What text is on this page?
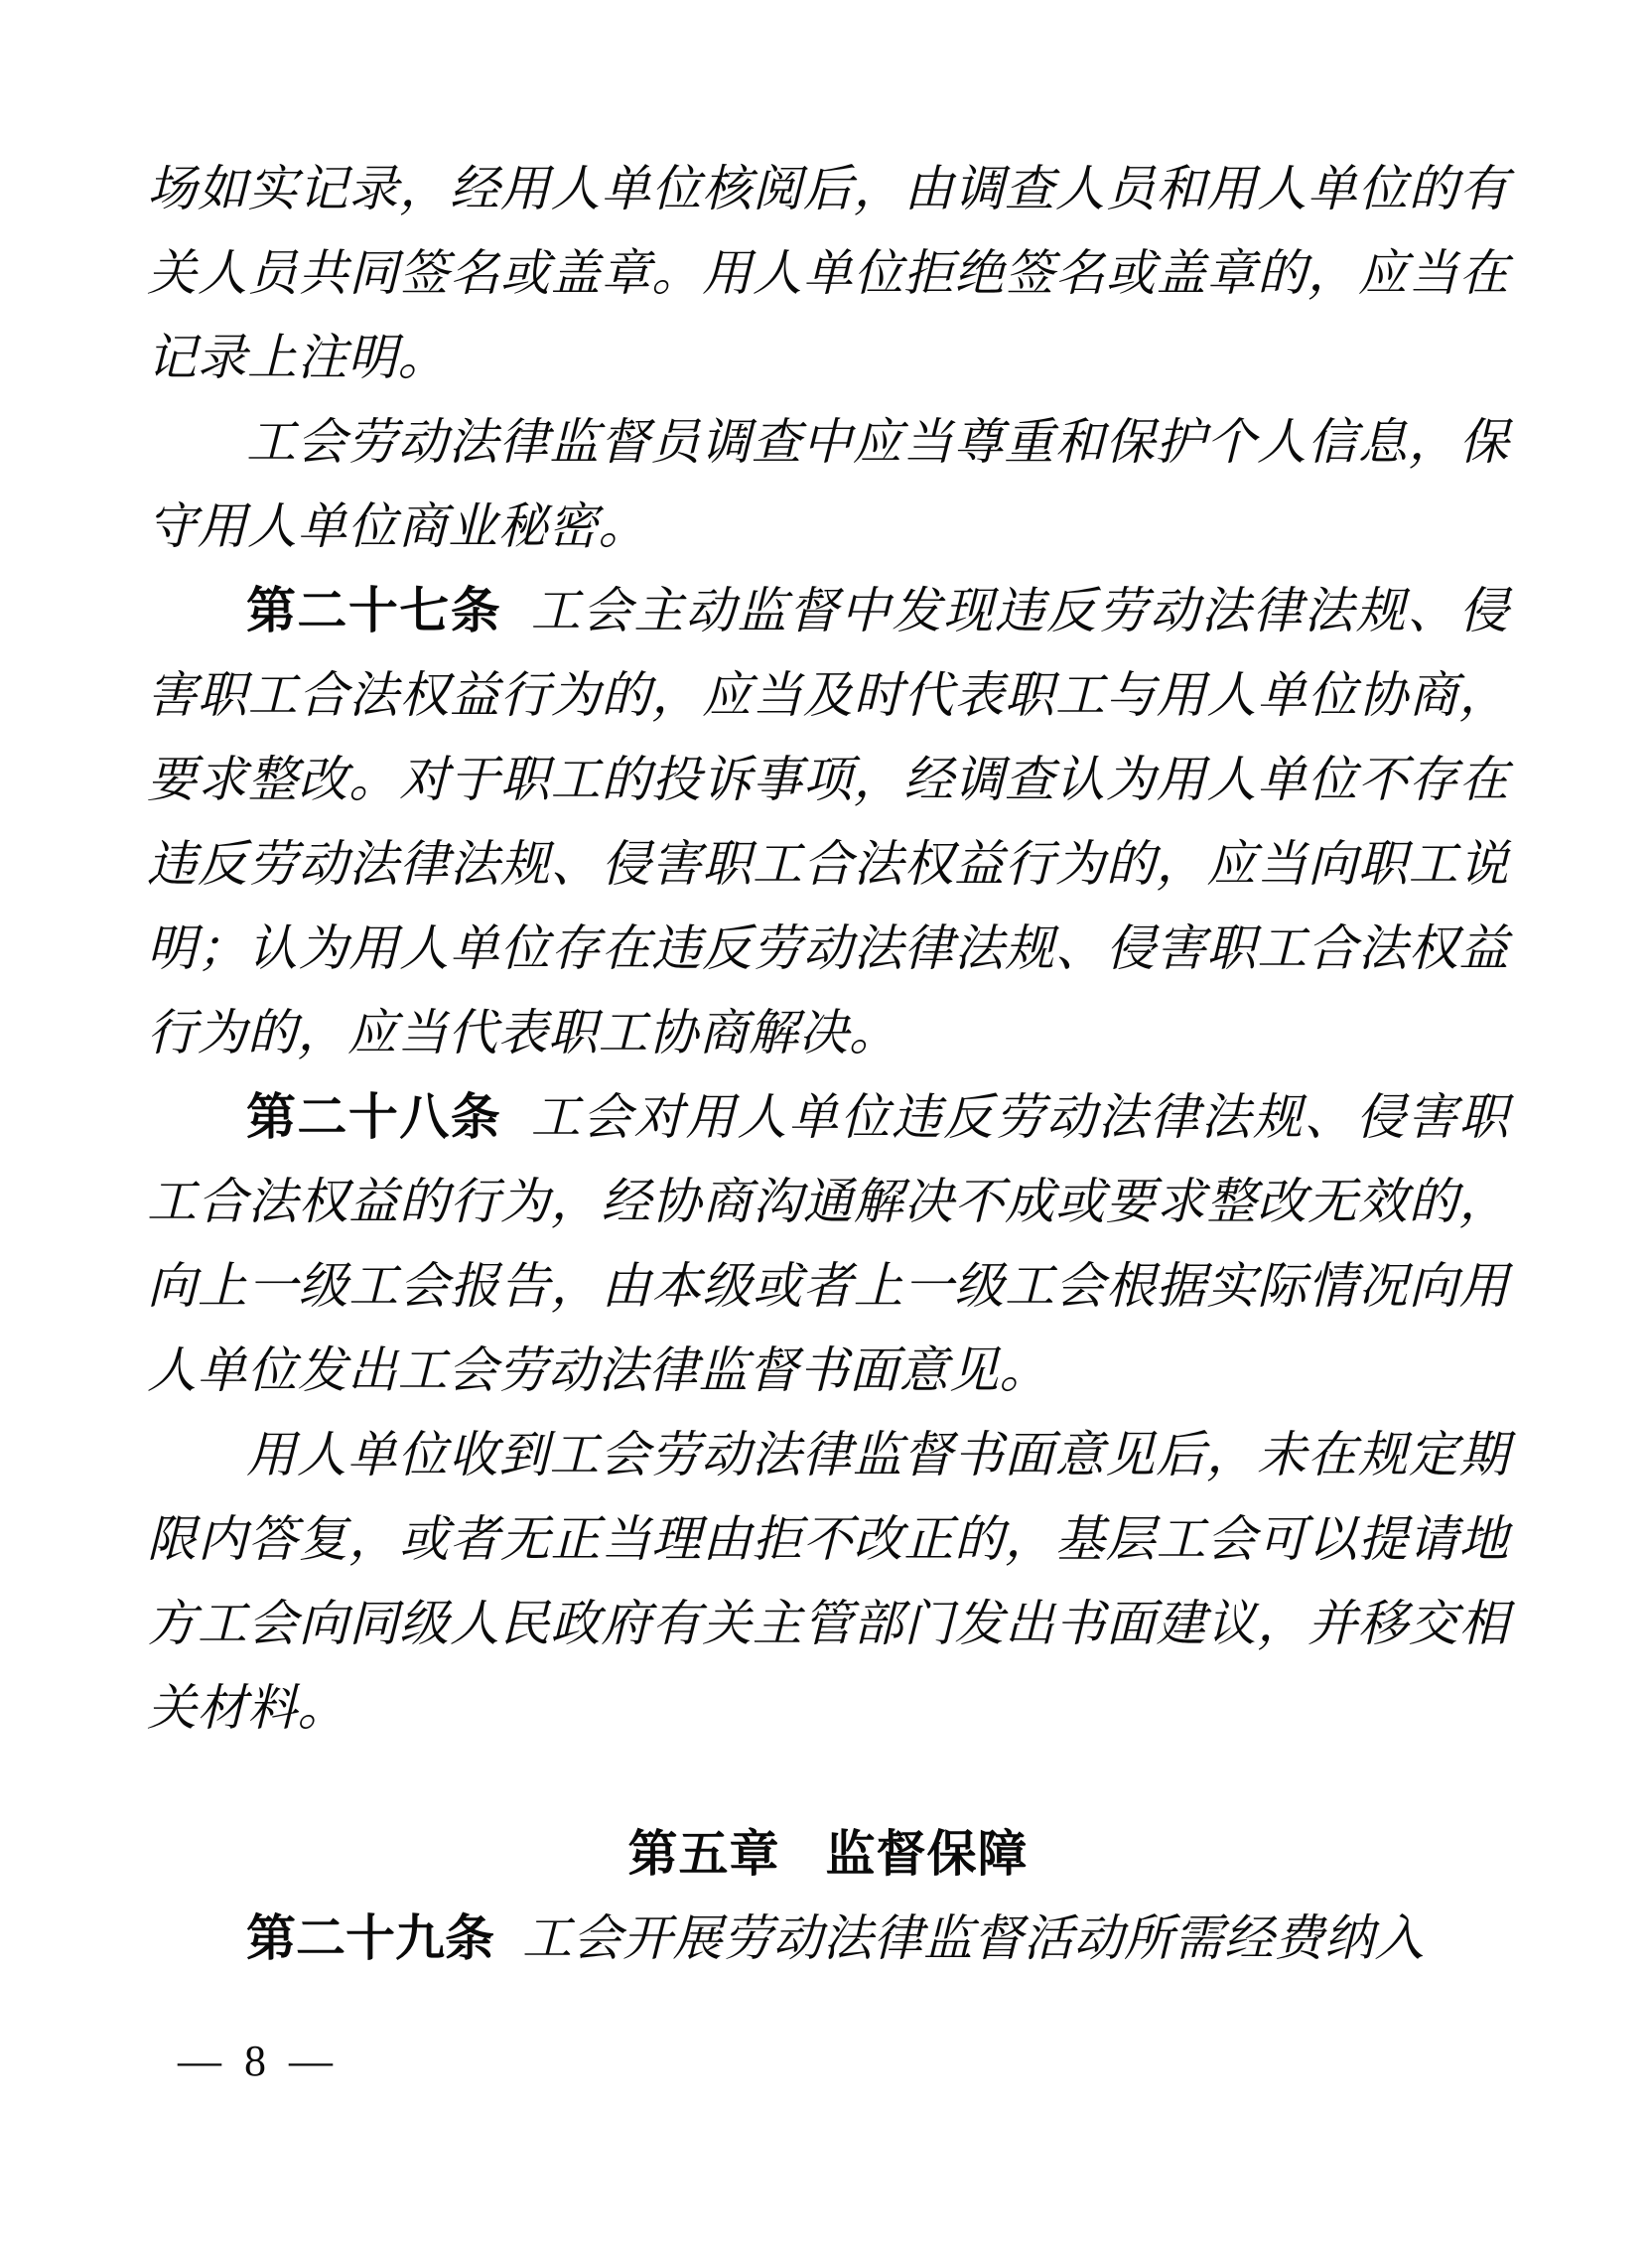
场如实记录，经用人单位核阅后，由调查人员和用人单位的有关人员共同签名或盖章。用人单位拒绝签名或盖章的，应当在记录上注明。

工会劳动法律监督员调查中应当尊重和保护个人信息，保守用人单位商业秘密。

第二十七条 工会主动监督中发现违反劳动法律法规、侵害职工合法权益行为的，应当及时代表职工与用人单位协商，要求整改。对于职工的投诉事项，经调查认为用人单位不存在违反劳动法律法规、侵害职工合法权益行为的，应当向职工说明；认为用人单位存在违反劳动法律法规、侵害职工合法权益行为的，应当代表职工协商解决。

第二十八条 工会对用人单位违反劳动法律法规、侵害职工合法权益的行为，经协商沟通解决不成或要求整改无效的，向上一级工会报告，由本级或者上一级工会根据实际情况向用人单位发出工会劳动法律监督书面意见。

用人单位收到工会劳动法律监督书面意见后，未在规定期限内答复，或者无正当理由拒不改正的，基层工会可以提请地方工会向同级人民政府有关主管部门发出书面建议，并移交相关材料。

第五章 监督保障

第二十九条 工会开展劳动法律监督活动所需经费纳入

— 8 —
